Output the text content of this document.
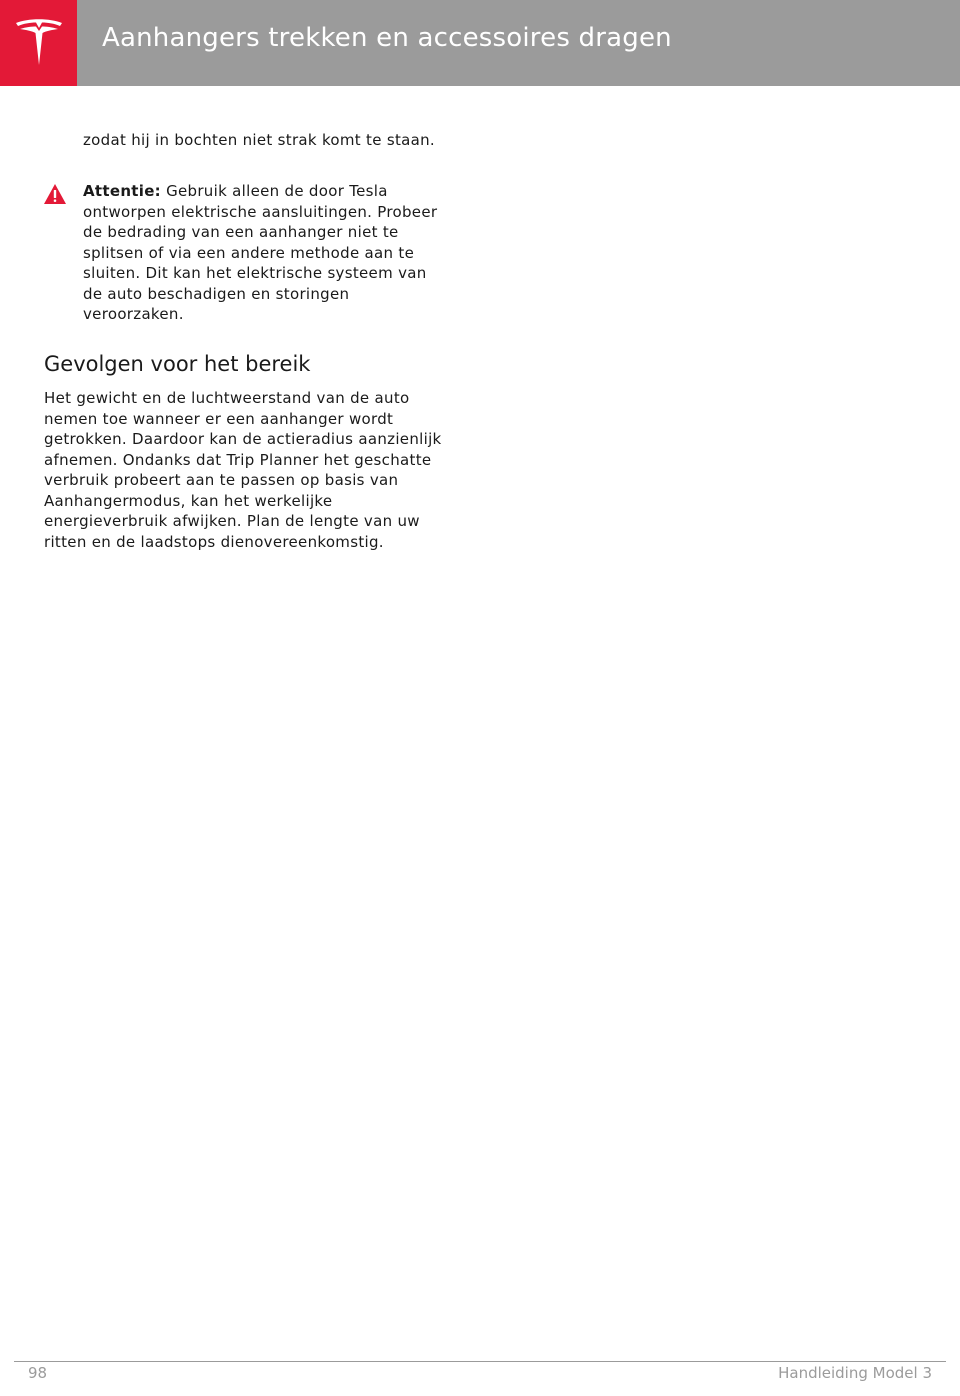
Aanhangers trekken en accessoires dragen
zodat hij in bochten niet strak komt te staan.
Attentie: Gebruik alleen de door Tesla ontworpen elektrische aansluitingen. Probeer de bedrading van een aanhanger niet te splitsen of via een andere methode aan te sluiten. Dit kan het elektrische systeem van de auto beschadigen en storingen veroorzaken.
Gevolgen voor het bereik
Het gewicht en de luchtweerstand van de auto nemen toe wanneer er een aanhanger wordt getrokken. Daardoor kan de actieradius aanzienlijk afnemen. Ondanks dat Trip Planner het geschatte verbruik probeert aan te passen op basis van Aanhangermodus, kan het werkelijke energieverbruik afwijken. Plan de lengte van uw ritten en de laadstops dienovereenkomstig.
98	Handleiding Model 3
